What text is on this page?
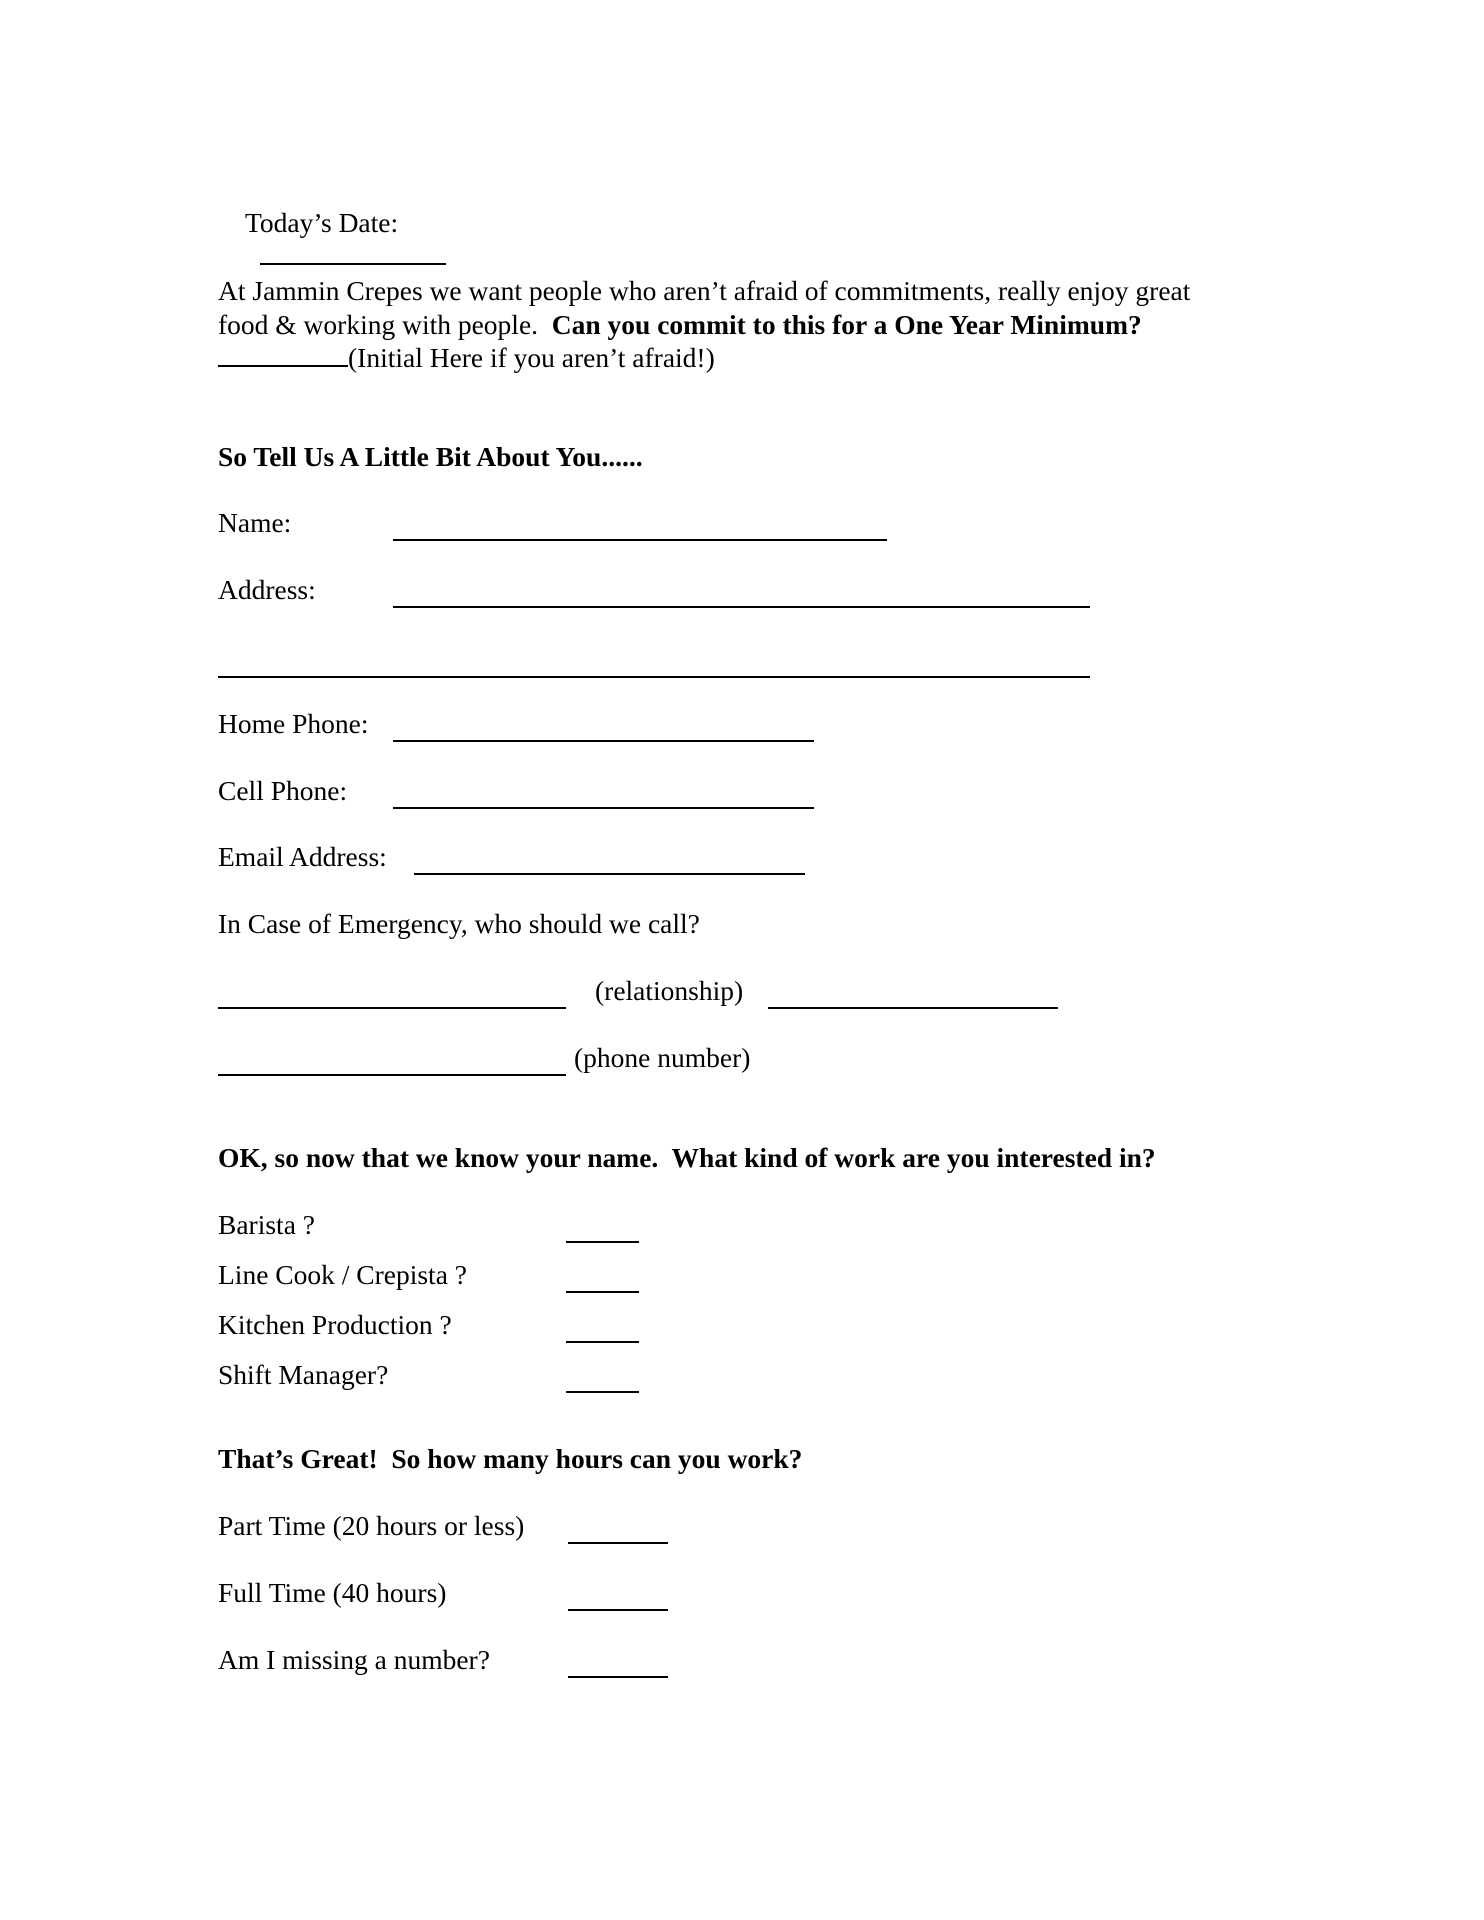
Today’s Date:

At Jammin Crepes we want people who aren’t afraid of commitments, really enjoy great
food & working with people. Can you commit to this for a One Year Minimum?
(Initial Here if you aren’t afraid!)
So Tell Us A Little Bit About You......
Name:
Address:
Home Phone:
Cell Phone:
Email Address:
In Case of Emergency, who should we call?
(relationship)
(phone number)
OK, so now that we know your name.  What kind of work are you interested in?
Barista ?
Line Cook / Crepista ?
Kitchen Production ?
Shift Manager?
That’s Great!  So how many hours can you work?
Part Time (20 hours or less)
Full Time (40 hours)
Am I missing a number?
